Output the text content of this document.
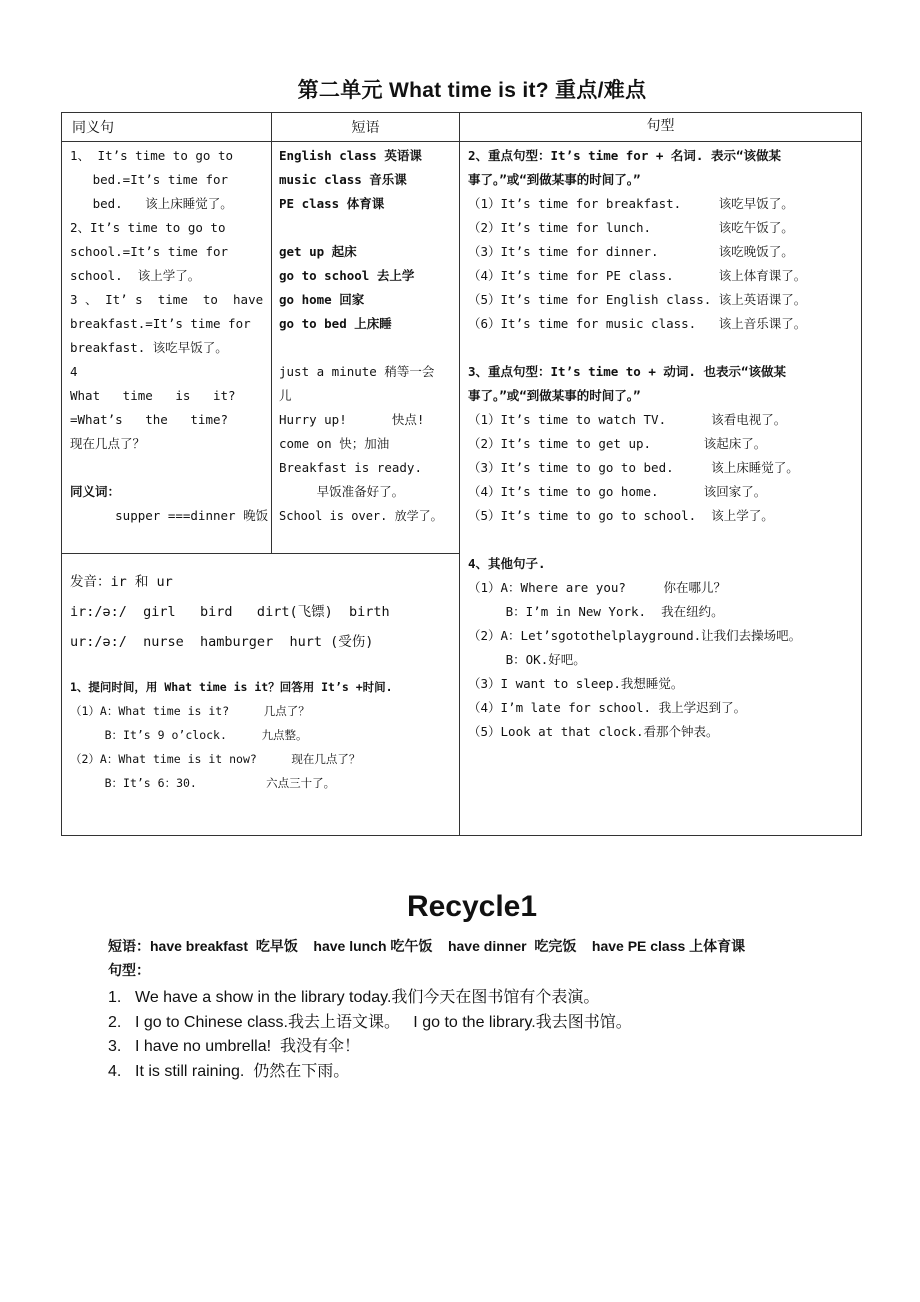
第二单元 What time is it? 重点/难点
同义句	短语	句型

1、 It’s time to go to

bed.=It’s time for

bed.   该上床睡觉了。

2、It’s time to go to

school.=It’s time for

school.  该上学了。

3 、 It’ s  time  to  have

breakfast.=It’s time for

breakfast. 该吃早饭了。

4

What   time   is   it?

=What’s   the   time?

现在几点了？

同义词：

supper ===dinner 晚饭

English class 英语课

music class 音乐课

PE class 体育课

get up 起床

go to school 去上学

go home 回家

go to bed 上床睡

just a minute 稍等一会

儿

Hurry up!      快点!

come on 快；加油

Breakfast is ready.

早饭准备好了。

School is over. 放学了。

发音：ir 和 ur

ir:/ə:/  girl   bird   dirt(飞镖)  birth

ur:/ə:/  nurse  hamburger  hurt (受伤)

1、提问时间，用 What time is it？回答用 It’s +时间.

（1）A：What time is it?     几点了？

B：It’s 9 o’clock.     九点整。

（2）A：What time is it now?     现在几点了？

B：It’s 6：30.          六点三十了。

2、重点句型：It’s time for + 名词. 表示“该做某

事了。”或“到做某事的时间了。”

（1）It’s time for breakfast.     该吃早饭了。

（2）It’s time for lunch.         该吃午饭了。

（3）It’s time for dinner.        该吃晚饭了。

（4）It’s time for PE class.      该上体育课了。

（5）It’s time for English class. 该上英语课了。

（6）It’s time for music class.   该上音乐课了。

3、重点句型：It’s time to + 动词. 也表示“该做某

事了。”或“到做某事的时间了。”

（1）It’s time to watch TV.      该看电视了。

（2）It’s time to get up.       该起床了。

（3）It’s time to go to bed.     该上床睡觉了。

（4）It’s time to go home.      该回家了。

（5）It’s time to go to school.  该上学了。

4、其他句子.

（1）A：Where are you?     你在哪儿？

B：I’m in New York.  我在纽约。

（2）A：Let’sgotothelplayground.让我们去操场吧。

B：OK.好吧。

（3）I want to sleep.我想睡觉。

（4）I’m late for school. 我上学迟到了。

（5）Look at that clock.看那个钟表。

Recycle1
短语：have breakfast  吃早饭    have lunch 吃午饭    have dinner  吃完饭    have PE class 上体育课
句型：
1. We have a show in the library today.我们今天在图书馆有个表演。
2. I go to Chinese class.我去上语文课。   I go to the library.我去图书馆。
3. I have no umbrella!  我没有伞！
4. It is still raining.  仍然在下雨。
